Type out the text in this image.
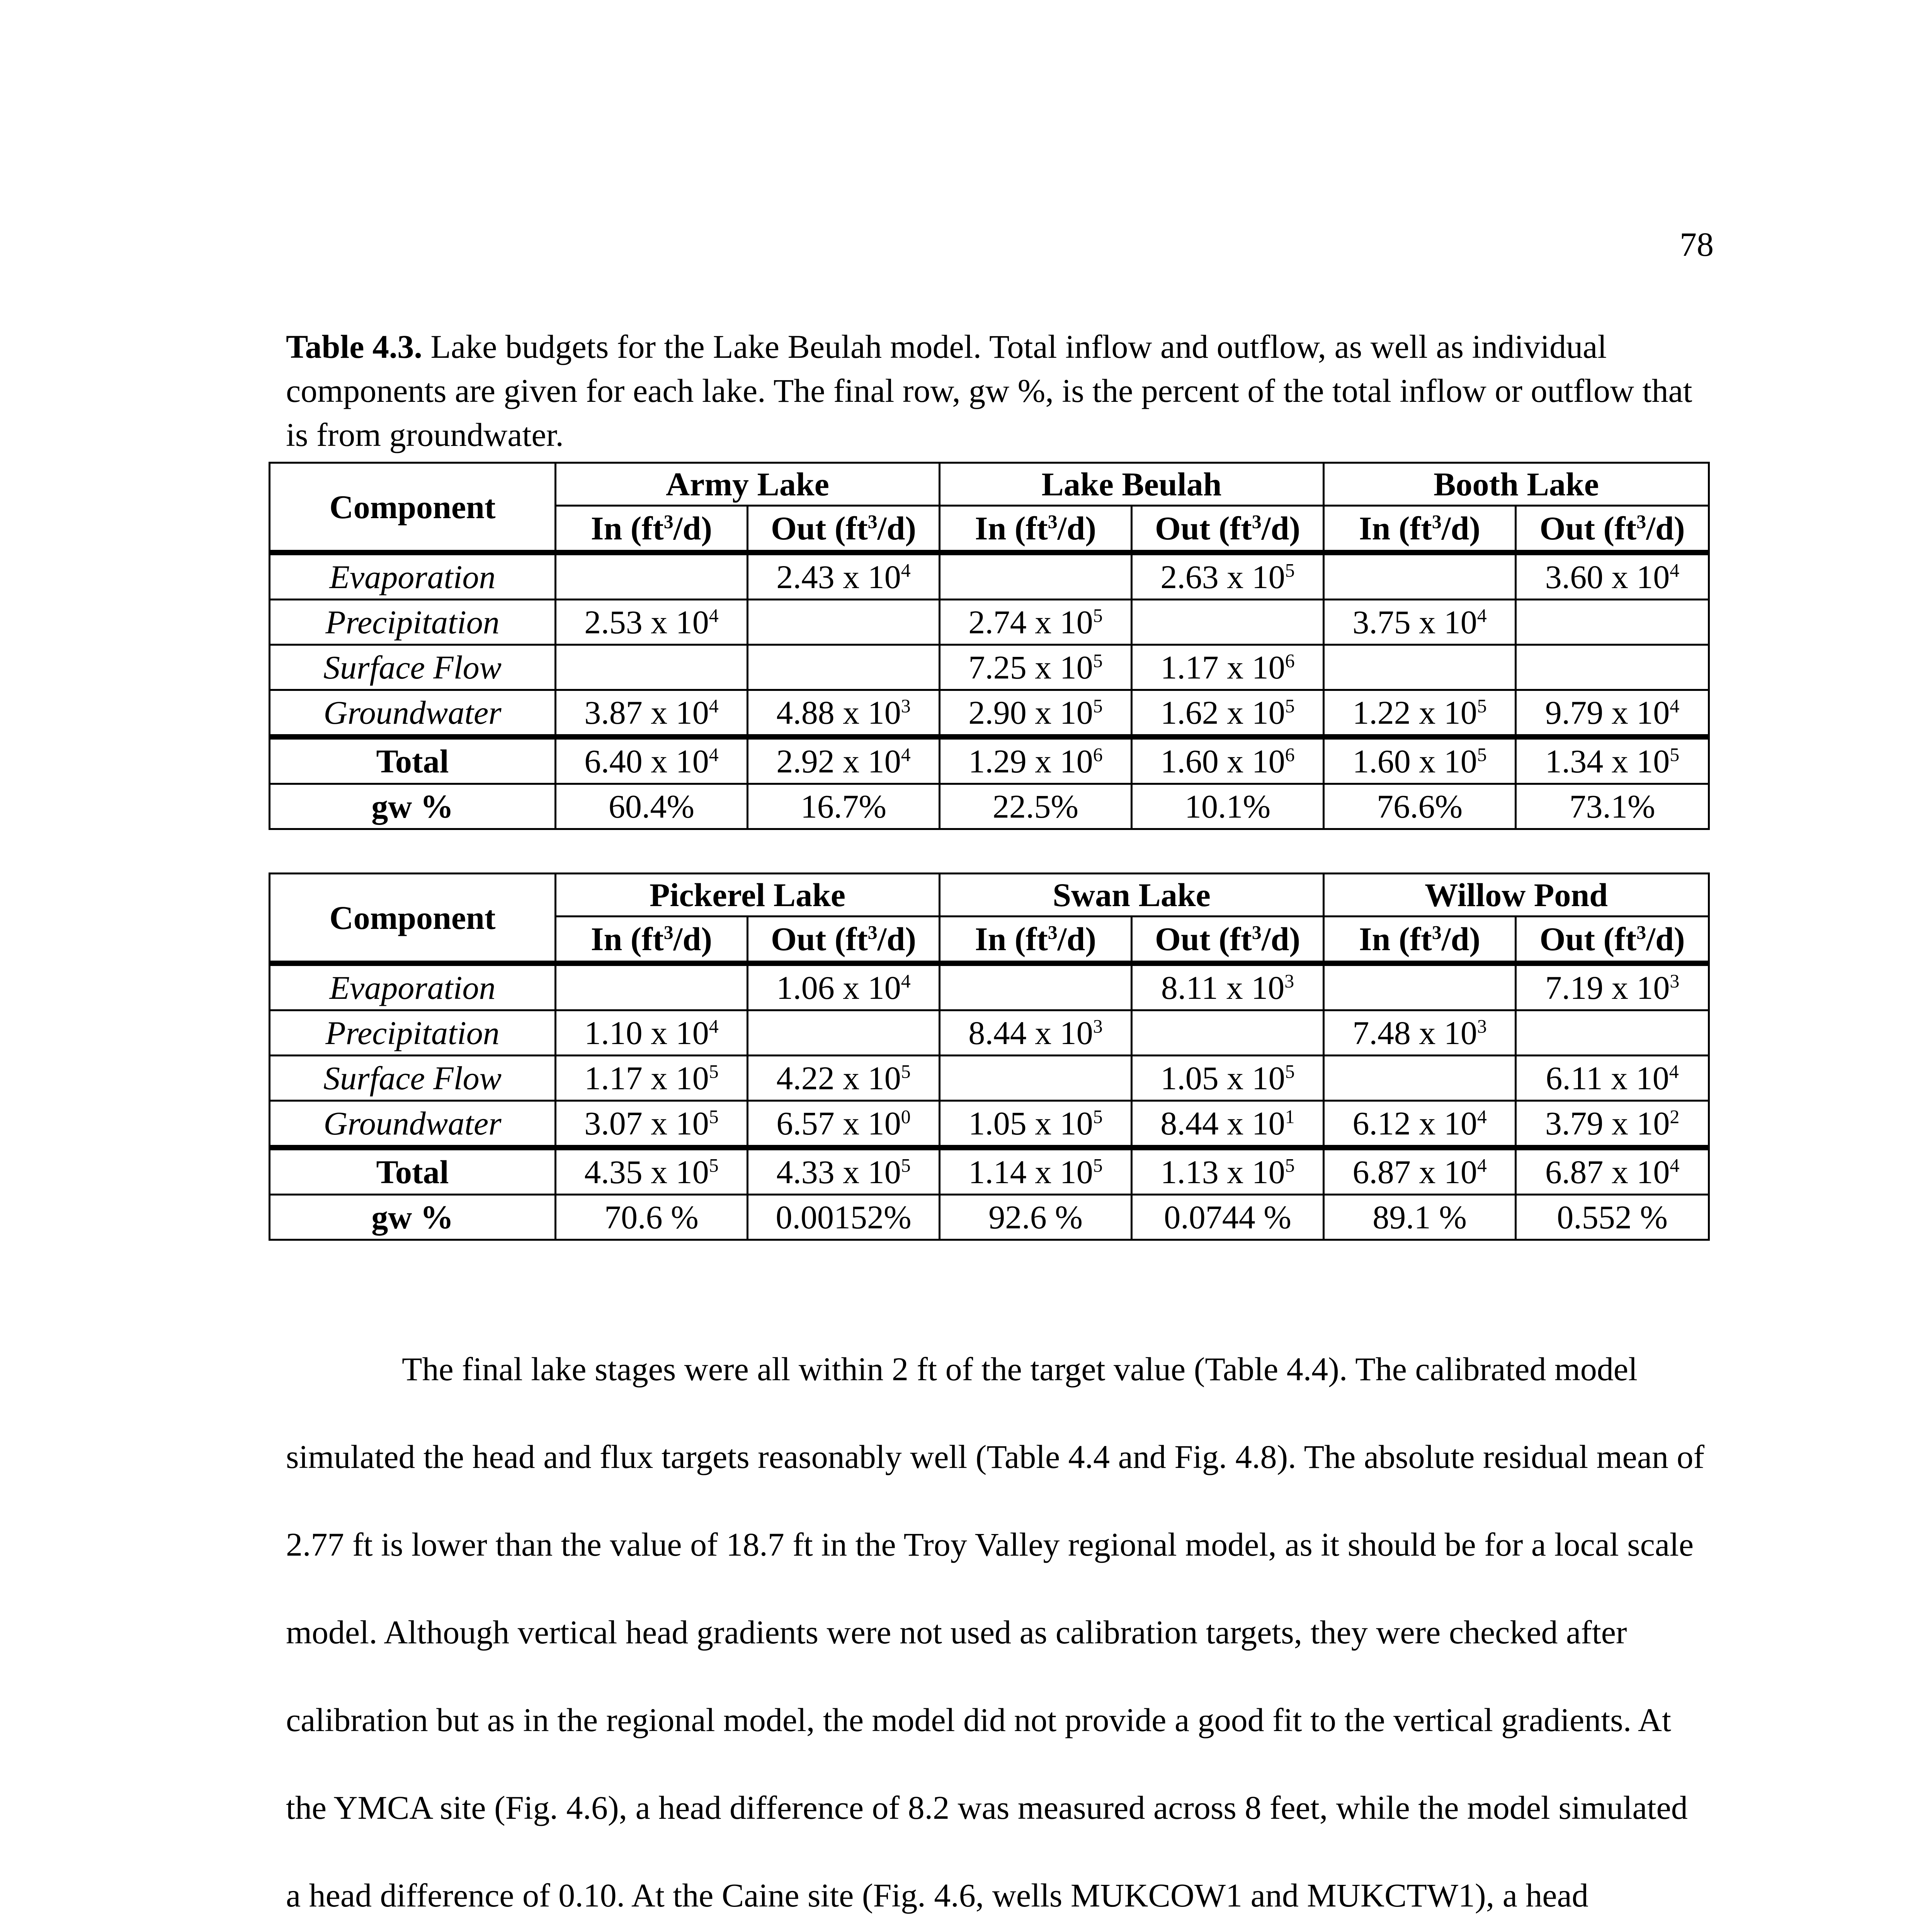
78
Table 4.3. Lake budgets for the Lake Beulah model. Total inflow and outflow, as well as individual components are given for each lake. The final row, gw %, is the percent of the total inflow or outflow that is from groundwater.
Component	Army Lake		Lake Beulah		Booth Lake	
	In $(ft^3/d)$	Out $(ft^3/d)$	In $(ft^3/d)$	Out $(ft^3/d)$	In $(ft^3/d)$	Out $(ft^3/d)$
Evaporation		2.43 x $10^4$		2.63 x $10^5$		3.60 x $10^4$
Precipitation	2.53 x $10^4$		2.74 x $10^5$		3.75 x $10^4$	
Surface Flow			7.25 x $10^5$	1.17 x $10^6$		
Groundwater	3.87 x $10^4$	4.88 x $10^3$	2.90 x $10^5$	1.62 x $10^5$	1.22 x $10^5$	9.79 x $10^4$
Total	6.40 x $10^4$	2.92 x $10^4$	1.29 x $10^6$	1.60 x $10^6$	1.60 x $10^5$	1.34 x $10^5$
gw %	60.4%	16.7%	22.5%	10.1%	76.6%	73.1%
Component	Pickerel Lake		Swan Lake		Willow Pond	
	In $(ft^3/d)$	Out $(ft^3/d)$	In $(ft^3/d)$	Out $(ft^3/d)$	In $(ft^3/d)$	Out $(ft^3/d)$
Evaporation		1.06 x $10^4$		8.11 x $10^3$		7.19 x $10^3$
Precipitation	1.10 x $10^4$		8.44 x $10^3$		7.48 x $10^3$	
Surface Flow	1.17 x $10^5$	4.22 x $10^5$		1.05 x $10^5$		6.11 x $10^4$
Groundwater	3.07 x $10^5$	6.57 x $10^0$	1.05 x $10^5$	8.44 x $10^1$	6.12 x $10^4$	3.79 x $10^2$
Total	4.35 x $10^5$	4.33 x $10^5$	1.14 x $10^5$	1.13 x $10^5$	6.87 x $10^4$	6.87 x $10^4$
gw %	70.6 %	0.00152%	92.6 %	0.0744 %	89.1 %	0.552 %
The final lake stages were all within 2 ft of the target value (Table 4.4). The calibrated model simulated the head and flux targets reasonably well (Table 4.4 and Fig. 4.8). The absolute residual mean of 2.77 ft is lower than the value of 18.7 ft in the Troy Valley regional model, as it should be for a local scale model. Although vertical head gradients were not used as calibration targets, they were checked after calibration but as in the regional model, the model did not provide a good fit to the vertical gradients. At the YMCA site (Fig. 4.6), a head difference of 8.2 was measured across 8 feet, while the model simulated a head difference of 0.10. At the Caine site (Fig. 4.6, wells MUKCOW1 and MUKCTW1), a head
